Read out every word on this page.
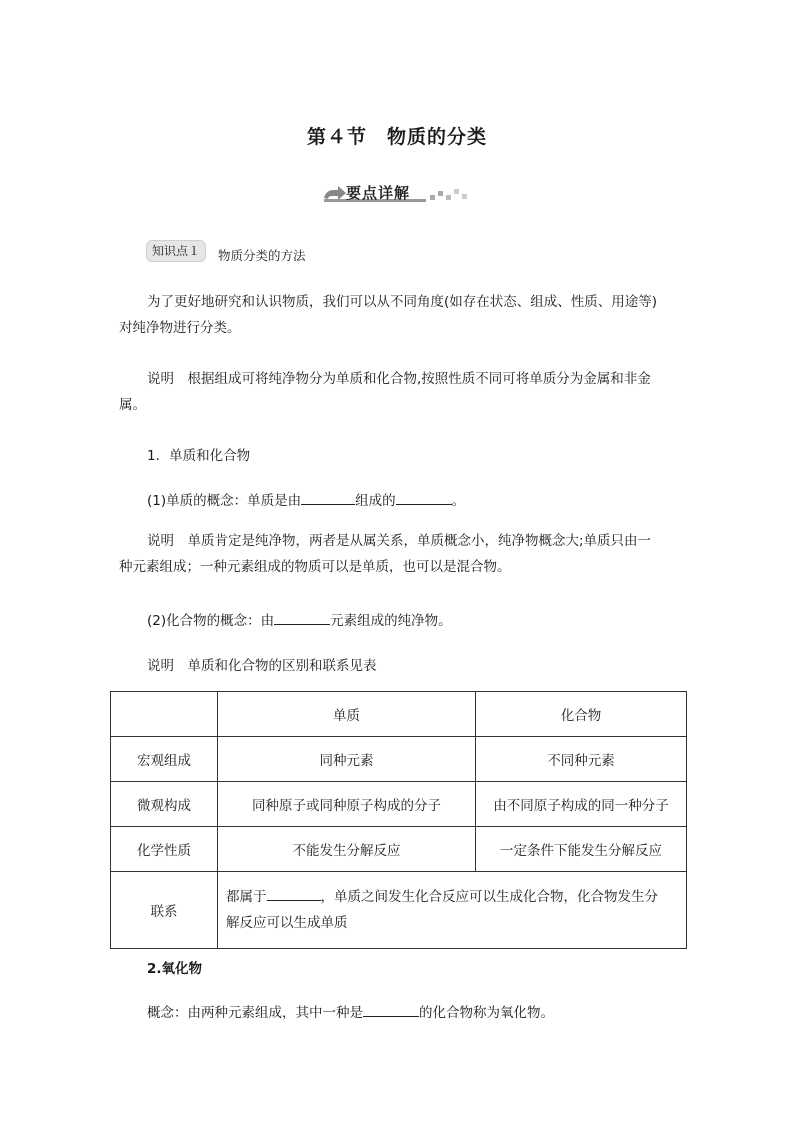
第４节　物质的分类
要点详解
知识点１	物质分类的方法
为了更好地研究和认识物质，我们可以从不同角度(如存在状态、组成、性质、用途等)
对纯净物进行分类。
说明　根据组成可将纯净物分为单质和化合物,按照性质不同可将单质分为金属和非金
属。
1．单质和化合物
(1)单质的概念：单质是由	组成的	。
说明　单质肯定是纯净物，两者是从属关系，单质概念小，纯净物概念大;单质只由一
种元素组成；一种元素组成的物质可以是单质，也可以是混合物。
(2)化合物的概念：由	元素组成的纯净物。
说明　单质和化合物的区别和联系见表
	单质	化合物
宏观组成	同种元素	不同种元素
微观构成	同种原子或同种原子构成的分子	由不同原子构成的同一种分子
化学性质	不能发生分解反应	一定条件下能发生分解反应
联系	都属于 ，单质之间发生化合反应可以生成化合物，化合物发生分
解反应可以生成单质	
2.氧化物
概念：由两种元素组成，其中一种是	的化合物称为氧化物。
